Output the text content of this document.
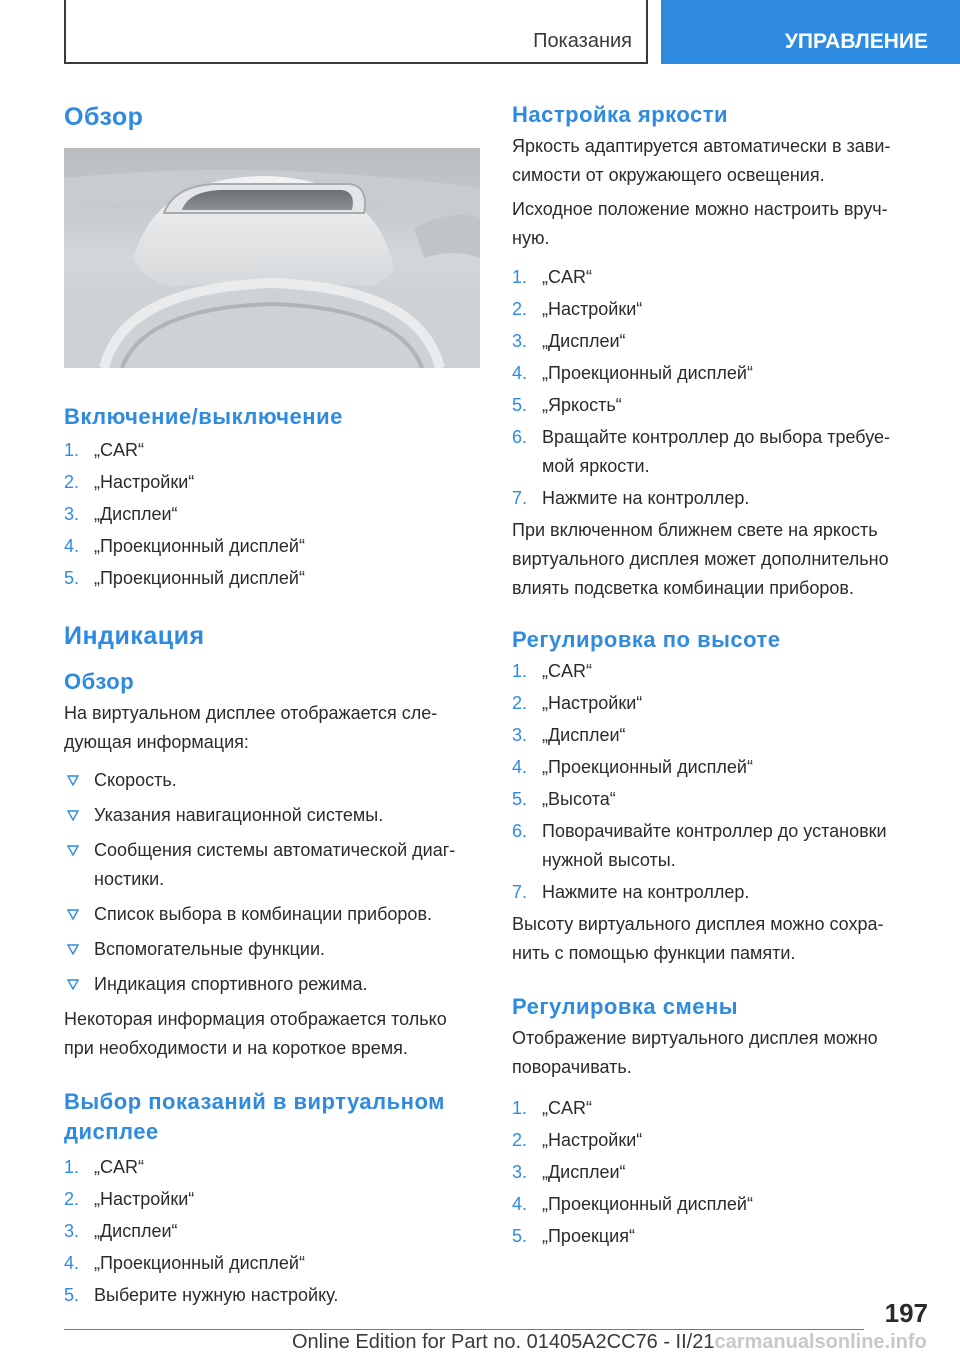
Показания	УПРАВЛЕНИЕ
Обзор
Включение/выключение
1. „CAR“
2. „Настройки“
3. „Дисплеи“
4. „Проекционный дисплей“
5. „Проекционный дисплей“
Индикация
Обзор

На виртуальном дисплее отображается сле-дующая информация:

Скорость.
Указания навигационной системы.
Сообщения системы автоматической диаг-ностики.
Список выбора в комбинации приборов.
Вспомогательные функции.
Индикация спортивного режима.

Некоторая информация отображается только при необходимости и на короткое время.

Выбор показаний в виртуальном дисплее
1. „CAR“
2. „Настройки“
3. „Дисплеи“
4. „Проекционный дисплей“
5. Выберите нужную настройку.
Настройка яркости

Яркость адаптируется автоматически в зави-симости от окружающего освещения.

Исходное положение можно настроить вруч-ную.

1. „CAR“
2. „Настройки“
3. „Дисплеи“
4. „Проекционный дисплей“
5. „Яркость“
6. Вращайте контроллер до выбора требуе-мой яркости.
7. Нажмите на контроллер.

При включенном ближнем свете на яркость виртуального дисплея может дополнительно влиять подсветка комбинации приборов.

Регулировка по высоте
1. „CAR“
2. „Настройки“
3. „Дисплеи“
4. „Проекционный дисплей“
5. „Высота“
6. Поворачивайте контроллер до установки нужной высоты.
7. Нажмите на контроллер.

Высоту виртуального дисплея можно сохра-нить с помощью функции памяти.

Регулировка смены

Отображение виртуального дисплея можно поворачивать.

1. „CAR“
2. „Настройки“
3. „Дисплеи“
4. „Проекционный дисплей“
5. „Проекция“
197
Online Edition for Part no. 01405A2CC76 - II/21carmanualsonline.info
